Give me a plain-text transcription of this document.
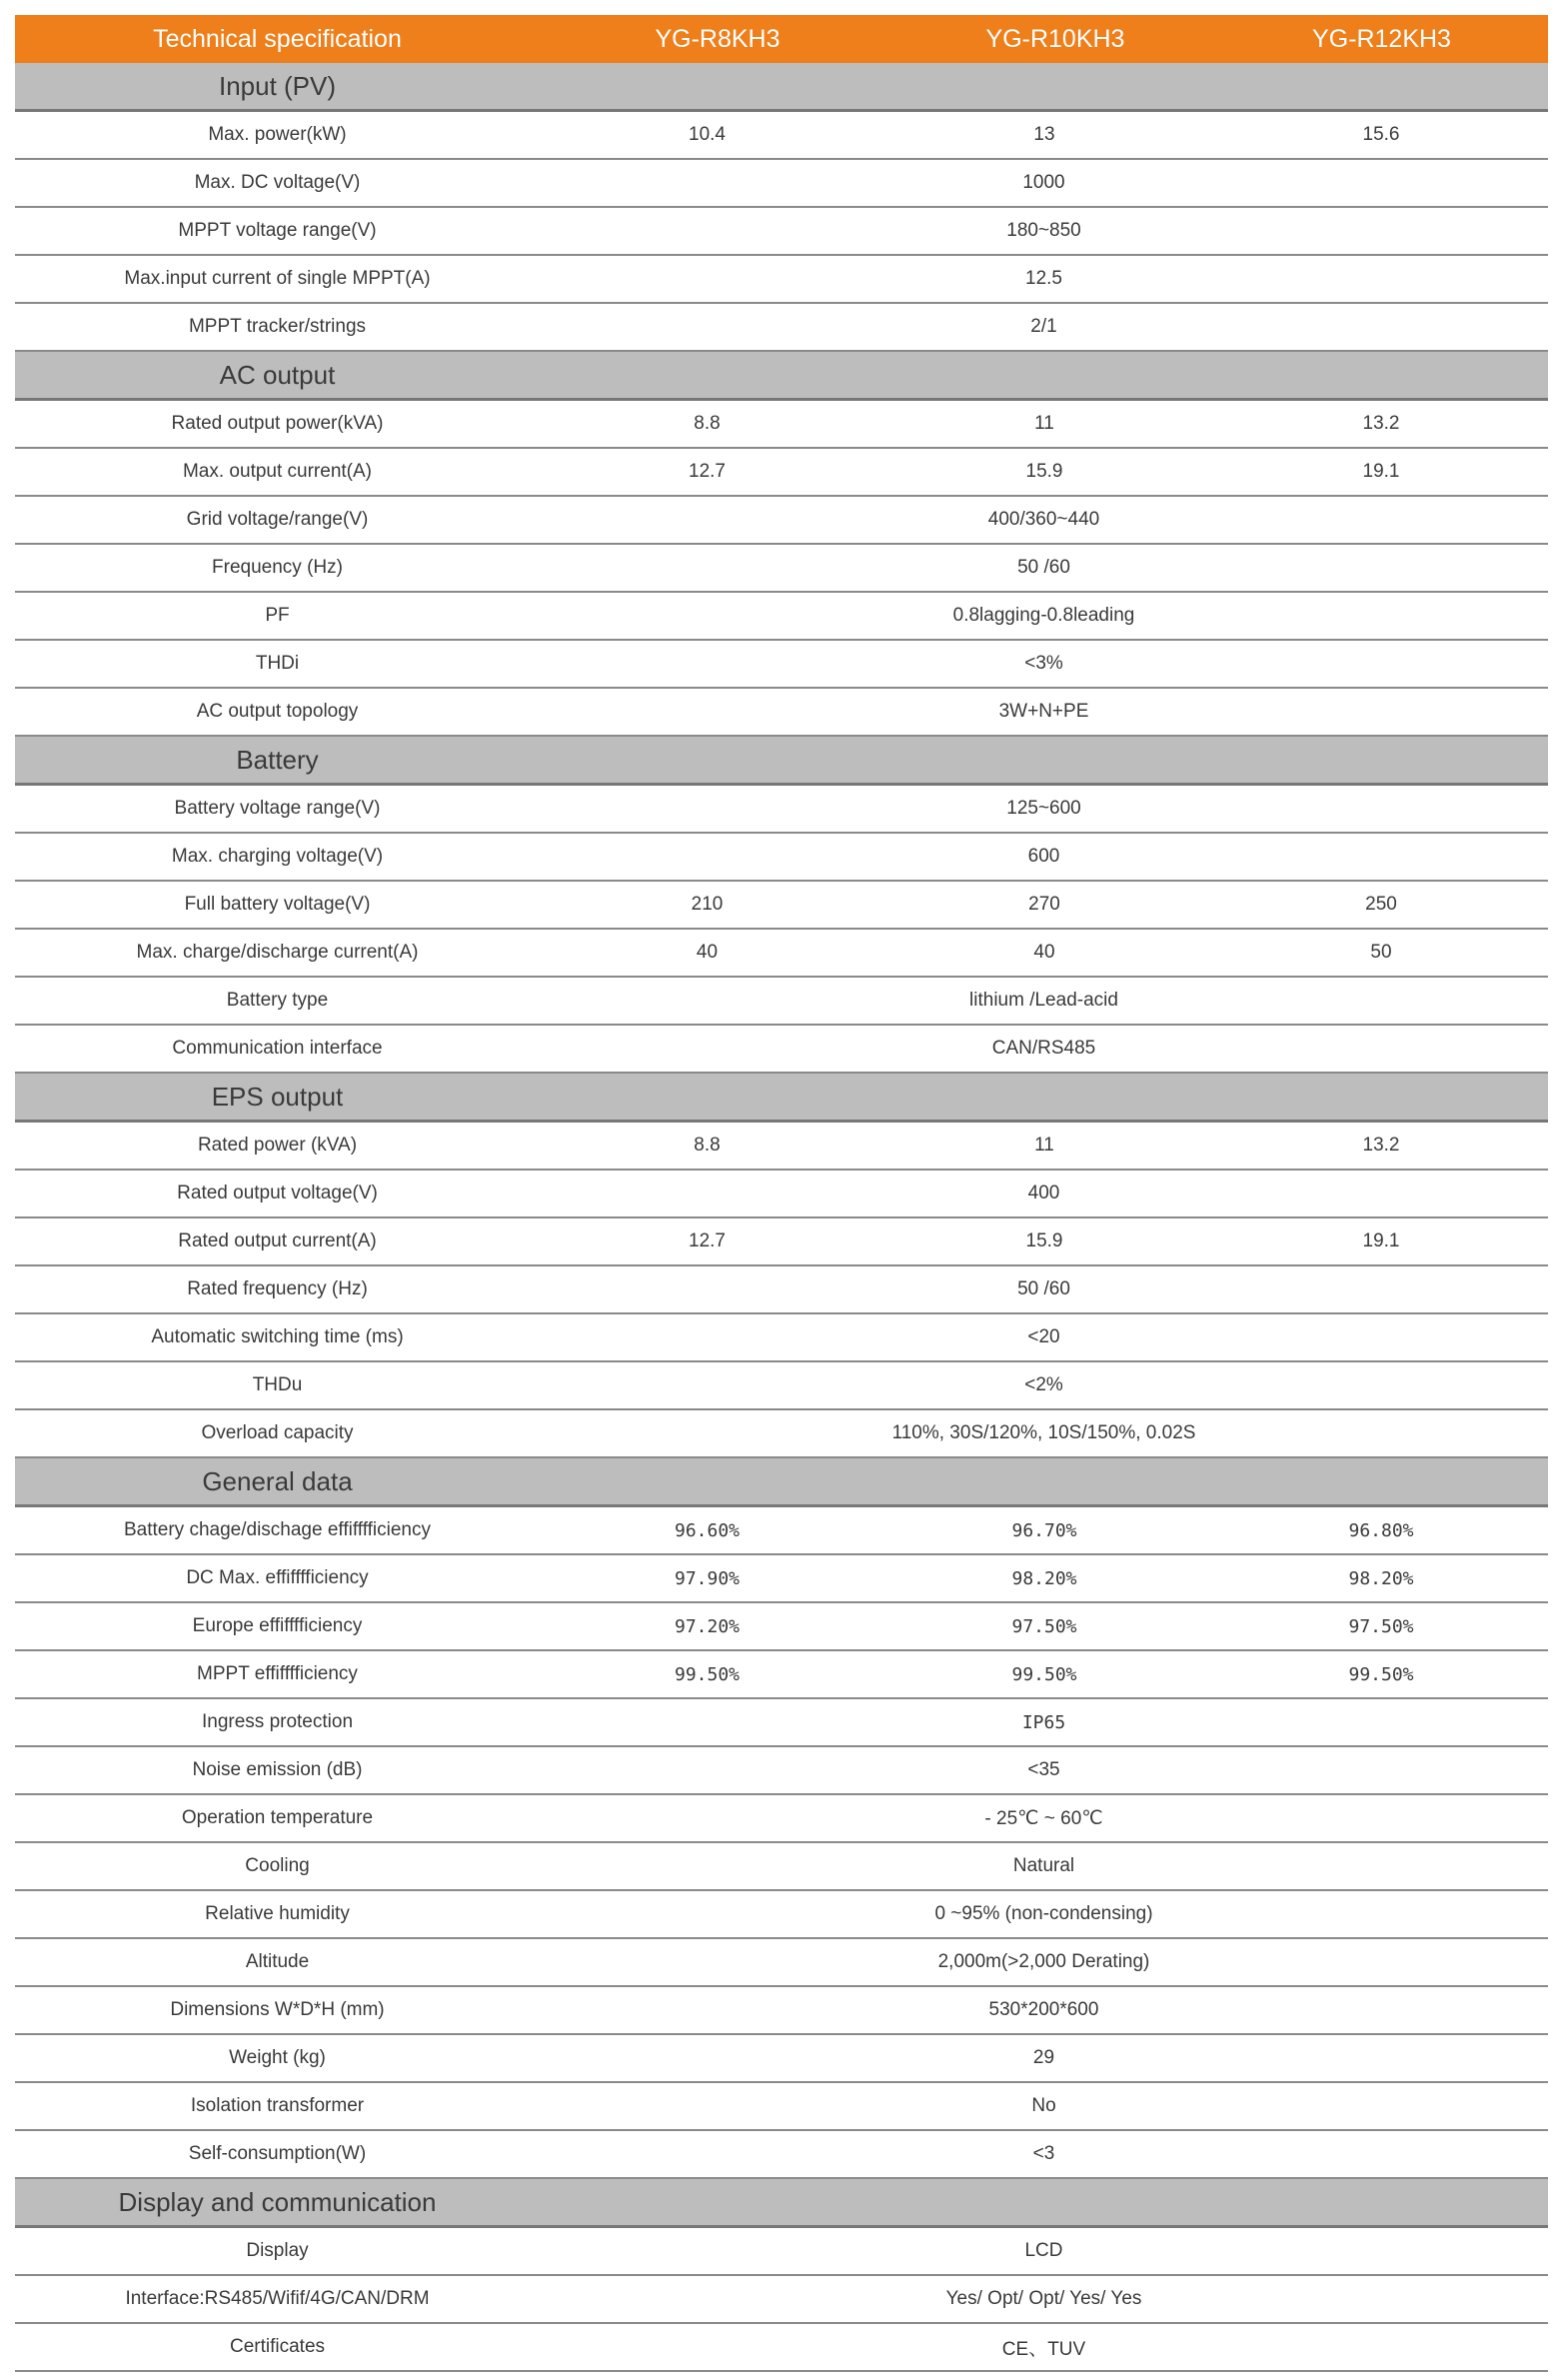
Technical specification	YG-R8KH3	YG-R10KH3	YG-R12KH3
Input (PV)
Max. power(kW)	10.4	13	15.6
Max. DC voltage(V)	1000
MPPT voltage range(V)	180~850
Max.input current of single MPPT(A)	12.5
MPPT tracker/strings	2/1
AC output
Rated output power(kVA)	8.8	11	13.2
Max. output current(A)	12.7	15.9	19.1
Grid voltage/range(V)	400/360~440
Frequency (Hz)	50 /60
PF	0.8lagging-0.8leading
THDi	<3%
AC output topology	3W+N+PE
Battery
Battery voltage range(V)	125~600
Max. charging voltage(V)	600
Full battery voltage(V)	210	270	250
Max. charge/discharge current(A)	40	40	50
Battery type	lithium /Lead-acid
Communication interface	CAN/RS485
EPS output
Rated power (kVA)	8.8	11	13.2
Rated output voltage(V)	400
Rated output current(A)	12.7	15.9	19.1
Rated frequency (Hz)	50 /60
Automatic switching time (ms)	<20
THDu	<2%
Overload capacity	110%, 30S/120%, 10S/150%, 0.02S
General data
Battery chage/dischage effifffficiency	96.60%	96.70%	96.80%
DC Max. effifffficiency	97.90%	98.20%	98.20%
Europe effifffficiency	97.20%	97.50%	97.50%
MPPT effifffficiency	99.50%	99.50%	99.50%
Ingress protection	IP65
Noise emission (dB)	<35
Operation temperature	- 25℃ ~ 60℃
Cooling	Natural
Relative humidity	0 ~95% (non-condensing)
Altitude	2,000m(>2,000 Derating)
Dimensions W*D*H (mm)	530*200*600
Weight (kg)	29
Isolation transformer	No
Self-consumption(W)	<3
Display and communication
Display	LCD
Interface:RS485/Wifif/4G/CAN/DRM	Yes/ Opt/ Opt/ Yes/ Yes
Certificates	CE、TUV
